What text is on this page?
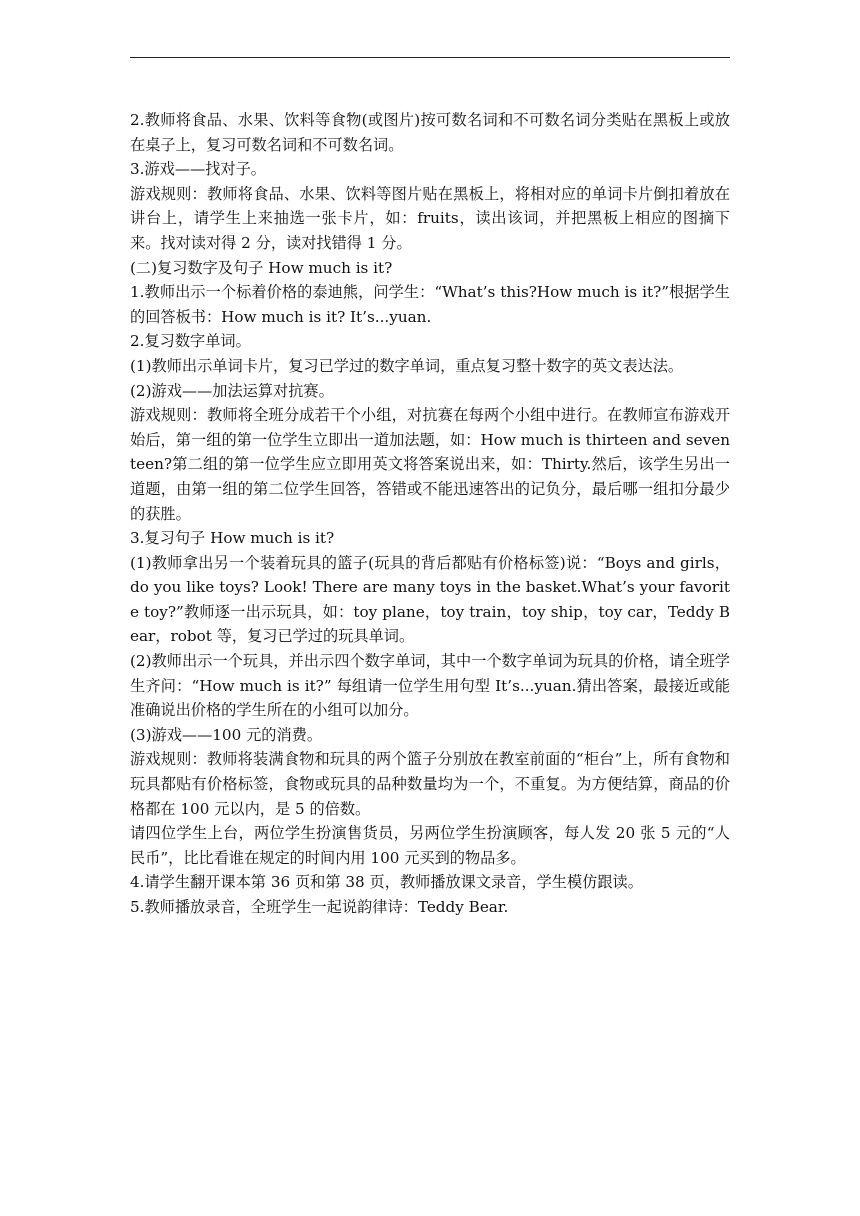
2.教师将食品、水果、饮料等食物(或图片)按可数名词和不可数名词分类贴在黑板上或放在桌子上，复习可数名词和不可数名词。

3.游戏——找对子。

游戏规则：教师将食品、水果、饮料等图片贴在黑板上，将相对应的单词卡片倒扣着放在讲台上，请学生上来抽选一张卡片，如：fruits，读出该词，并把黑板上相应的图摘下来。找对读对得 2 分，读对找错得 1 分。

(二)复习数字及句子 How much is it?

1.教师出示一个标着价格的泰迪熊，问学生：“What’s this?How much is it?”根据学生的回答板书：How much is it? It’s...yuan.

2.复习数字单词。

(1)教师出示单词卡片，复习已学过的数字单词，重点复习整十数字的英文表达法。

(2)游戏——加法运算对抗赛。

游戏规则：教师将全班分成若干个小组，对抗赛在每两个小组中进行。在教师宣布游戏开始后，第一组的第一位学生立即出一道加法题，如：How much is thirteen and seventeen?第二组的第一位学生应立即用英文将答案说出来，如：Thirty.然后，该学生另出一道题，由第一组的第二位学生回答，答错或不能迅速答出的记负分，最后哪一组扣分最少的获胜。

3.复习句子 How much is it?

(1)教师拿出另一个装着玩具的篮子(玩具的背后都贴有价格标签)说：“Boys and girls，do you like toys? Look! There are many toys in the basket.What’s your favorite toy?”教师逐一出示玩具，如：toy plane，toy train，toy ship，toy car，Teddy Bear，robot 等，复习已学过的玩具单词。

(2)教师出示一个玩具，并出示四个数字单词，其中一个数字单词为玩具的价格，请全班学生齐问：“How much is it?” 每组请一位学生用句型 It’s...yuan.猜出答案，最接近或能准确说出价格的学生所在的小组可以加分。

(3)游戏——100 元的消费。

游戏规则：教师将装满食物和玩具的两个篮子分别放在教室前面的“柜台”上，所有食物和玩具都贴有价格标签，食物或玩具的品种数量均为一个，不重复。为方便结算，商品的价格都在 100 元以内，是 5 的倍数。

请四位学生上台，两位学生扮演售货员，另两位学生扮演顾客，每人发 20 张 5 元的“人民币”，比比看谁在规定的时间内用 100 元买到的物品多。

4.请学生翻开课本第 36 页和第 38 页，教师播放课文录音，学生模仿跟读。

5.教师播放录音，全班学生一起说韵律诗：Teddy Bear.
